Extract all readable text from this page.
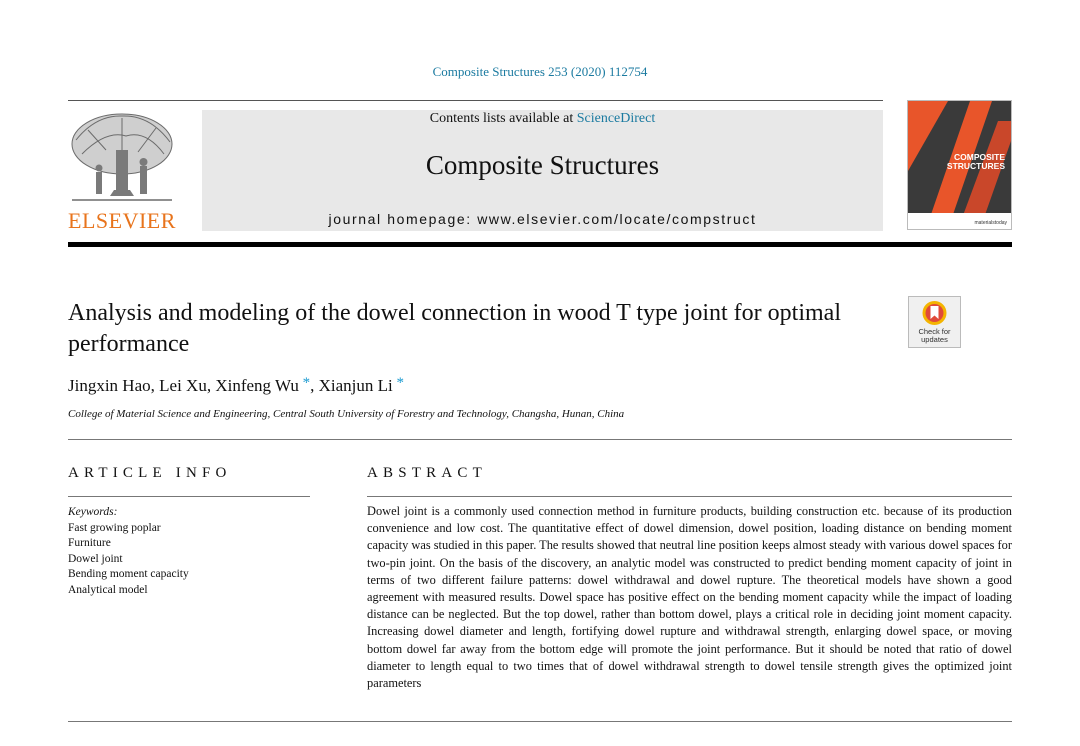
Composite Structures 253 (2020) 112754
ELSEVIER
Contents lists available at ScienceDirect
Composite Structures
journal homepage: www.elsevier.com/locate/compstruct
COMPOSITE STRUCTURES
materialstoday
Analysis and modeling of the dowel connection in wood T type joint for optimal performance	Check for updates
Jingxin Hao, Lei Xu, Xinfeng Wu *, Xianjun Li *
College of Material Science and Engineering, Central South University of Forestry and Technology, Changsha, Hunan, China
ARTICLE INFO	ABSTRACT
Keywords:
Fast growing poplar
Furniture
Dowel joint
Bending moment capacity
Analytical model
Dowel joint is a commonly used connection method in furniture products, building construction etc. because of its production convenience and low cost. The quantitative effect of dowel dimension, dowel position, loading distance on bending moment capacity was studied in this paper. The results showed that neutral line position keeps almost steady with various dowel spaces for two-pin joint. On the basis of the discovery, an analytic model was constructed to predict bending moment capacity of joint in terms of two different failure patterns: dowel withdrawal and dowel rupture. The theoretical models have shown a good agreement with measured results. Dowel space has positive effect on the bending moment capacity while the impact of loading distance can be neglected. But the top dowel, rather than bottom dowel, plays a critical role in deciding joint moment capacity. Increasing dowel diameter and length, fortifying dowel rupture and withdrawal strength, enlarging dowel space, or moving bottom dowel far away from the bottom edge will promote the joint performance. But it should be noted that ratio of dowel diameter to length equal to two times that of dowel withdrawal strength to dowel tensile strength gives the optimized joint parameters
